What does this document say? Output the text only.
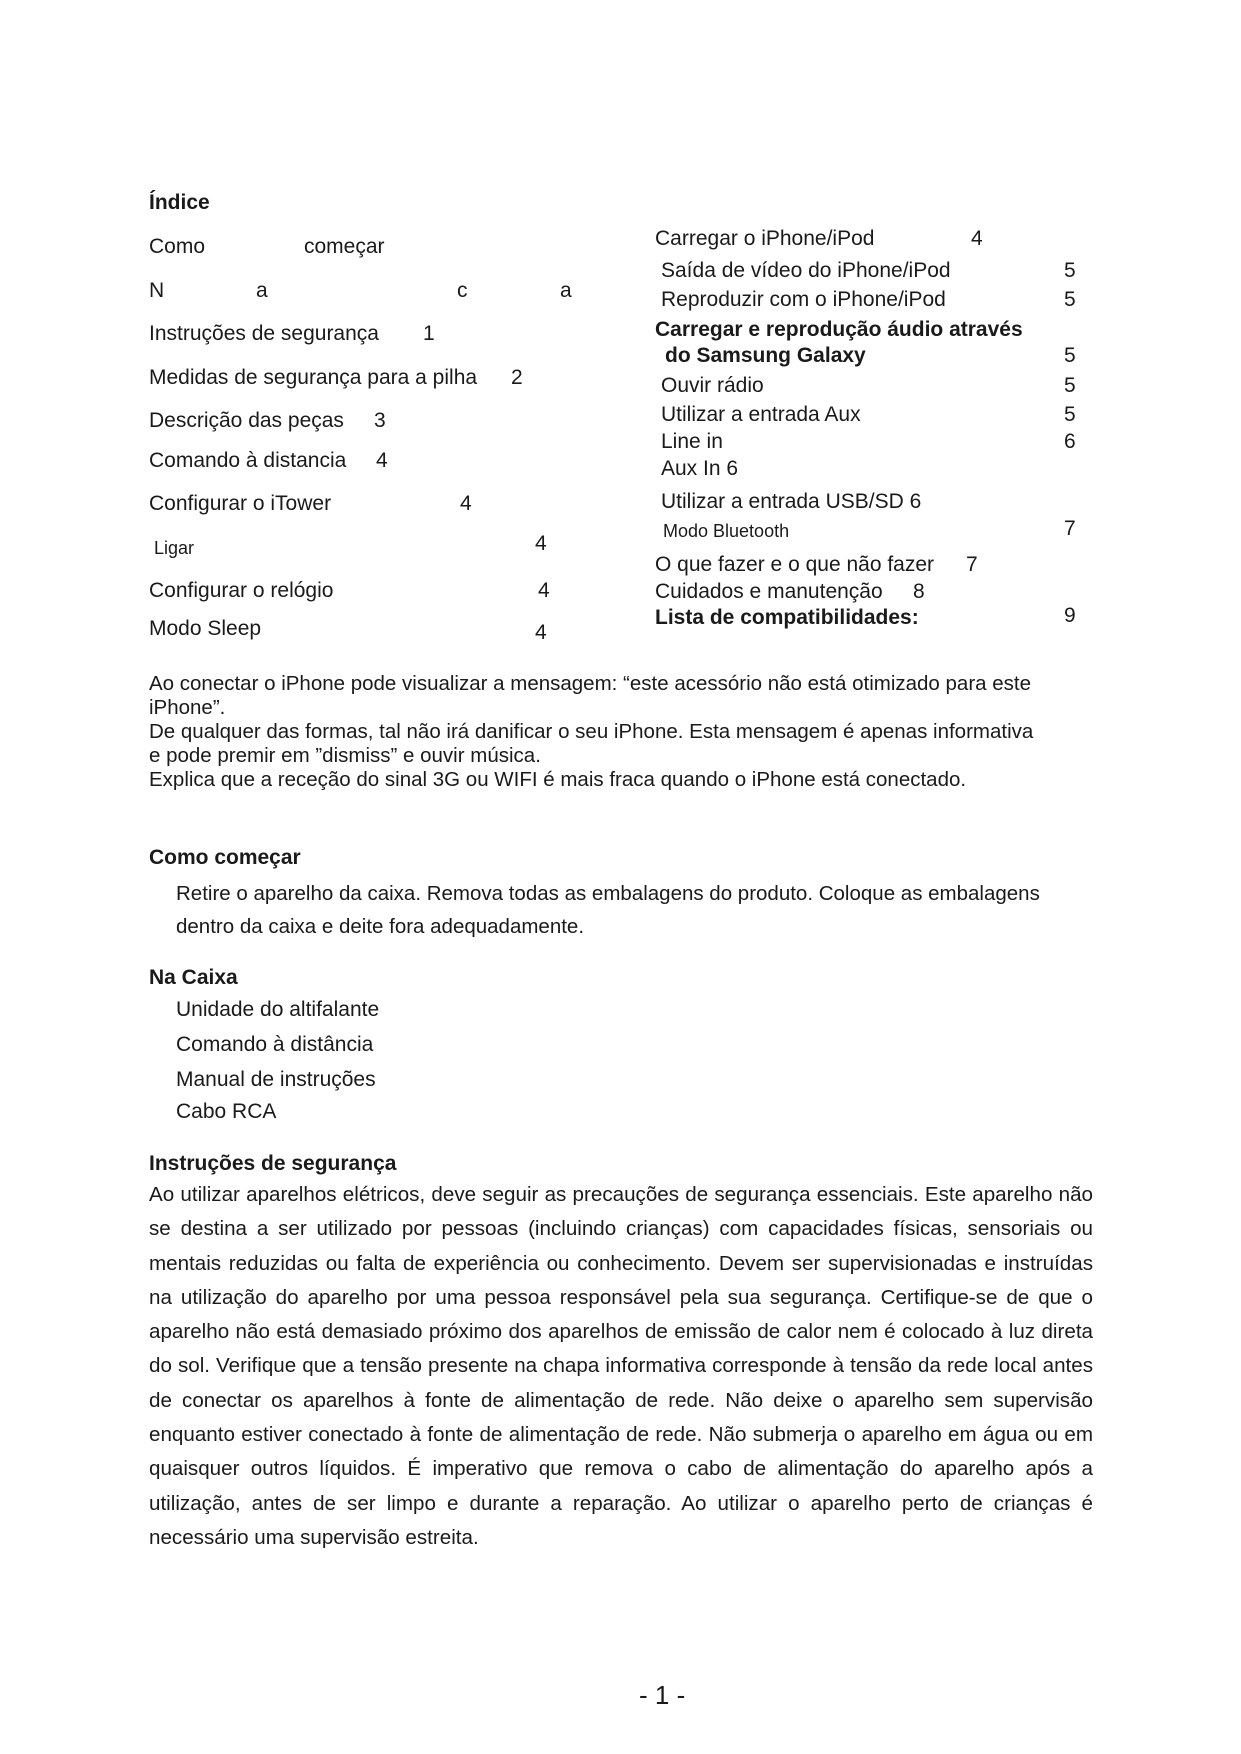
Índice
Como	começar
N	a	c	a
Instruções de segurança 1
Medidas de segurança para a pilha 2
Descrição das peças 3
Comando à distancia 4
Configurar o iTower	4
Ligar	4
Configurar o relógio	4
Modo Sleep	4
Carregar o iPhone/iPod	4
Saída de vídeo do iPhone/iPod	5
Reproduzir com o iPhone/iPod	5
Carregar e reprodução áudio através
do Samsung Galaxy	5
Ouvir rádio	5
Utilizar a entrada Aux	5
Line in	6
Aux In 6
Utilizar a entrada USB/SD 6
Modo Bluetooth	7
O que fazer e o que não fazer 7
Cuidados e manutenção 8
Lista de compatibilidades:	9
Ao conectar o iPhone pode visualizar a mensagem: “este acessório não está otimizado para este
iPhone”.
De qualquer das formas, tal não irá danificar o seu iPhone. Esta mensagem é apenas informativa
e pode premir em ”dismiss” e ouvir música.
Explica que a receção do sinal 3G ou WIFI é mais fraca quando o iPhone está conectado.
Como começar
Retire o aparelho da caixa. Remova todas as embalagens do produto. Coloque as embalagens
dentro da caixa e deite fora adequadamente.
Na Caixa
Unidade do altifalante
Comando à distância
Manual de instruções
Cabo RCA
Instruções de segurança
Ao utilizar aparelhos elétricos, deve seguir as precauções de segurança essenciais. Este aparelho não se destina a ser utilizado por pessoas (incluindo crianças) com capacidades físicas, sensoriais ou mentais reduzidas ou falta de experiência ou conhecimento. Devem ser supervisionadas e instruídas na utilização do aparelho por uma pessoa responsável pela sua segurança. Certifique-se de que o aparelho não está demasiado próximo dos aparelhos de emissão de calor nem é colocado à luz direta do sol. Verifique que a tensão presente na chapa informativa corresponde à tensão da rede local antes de conectar os aparelhos à fonte de alimentação de rede. Não deixe o aparelho sem supervisão enquanto estiver conectado à fonte de alimentação de rede. Não submerja o aparelho em água ou em quaisquer outros líquidos. É imperativo que remova o cabo de alimentação do aparelho após a utilização, antes de ser limpo e durante a reparação. Ao utilizar o aparelho perto de crianças é necessário uma supervisão estreita.
- 1 -
